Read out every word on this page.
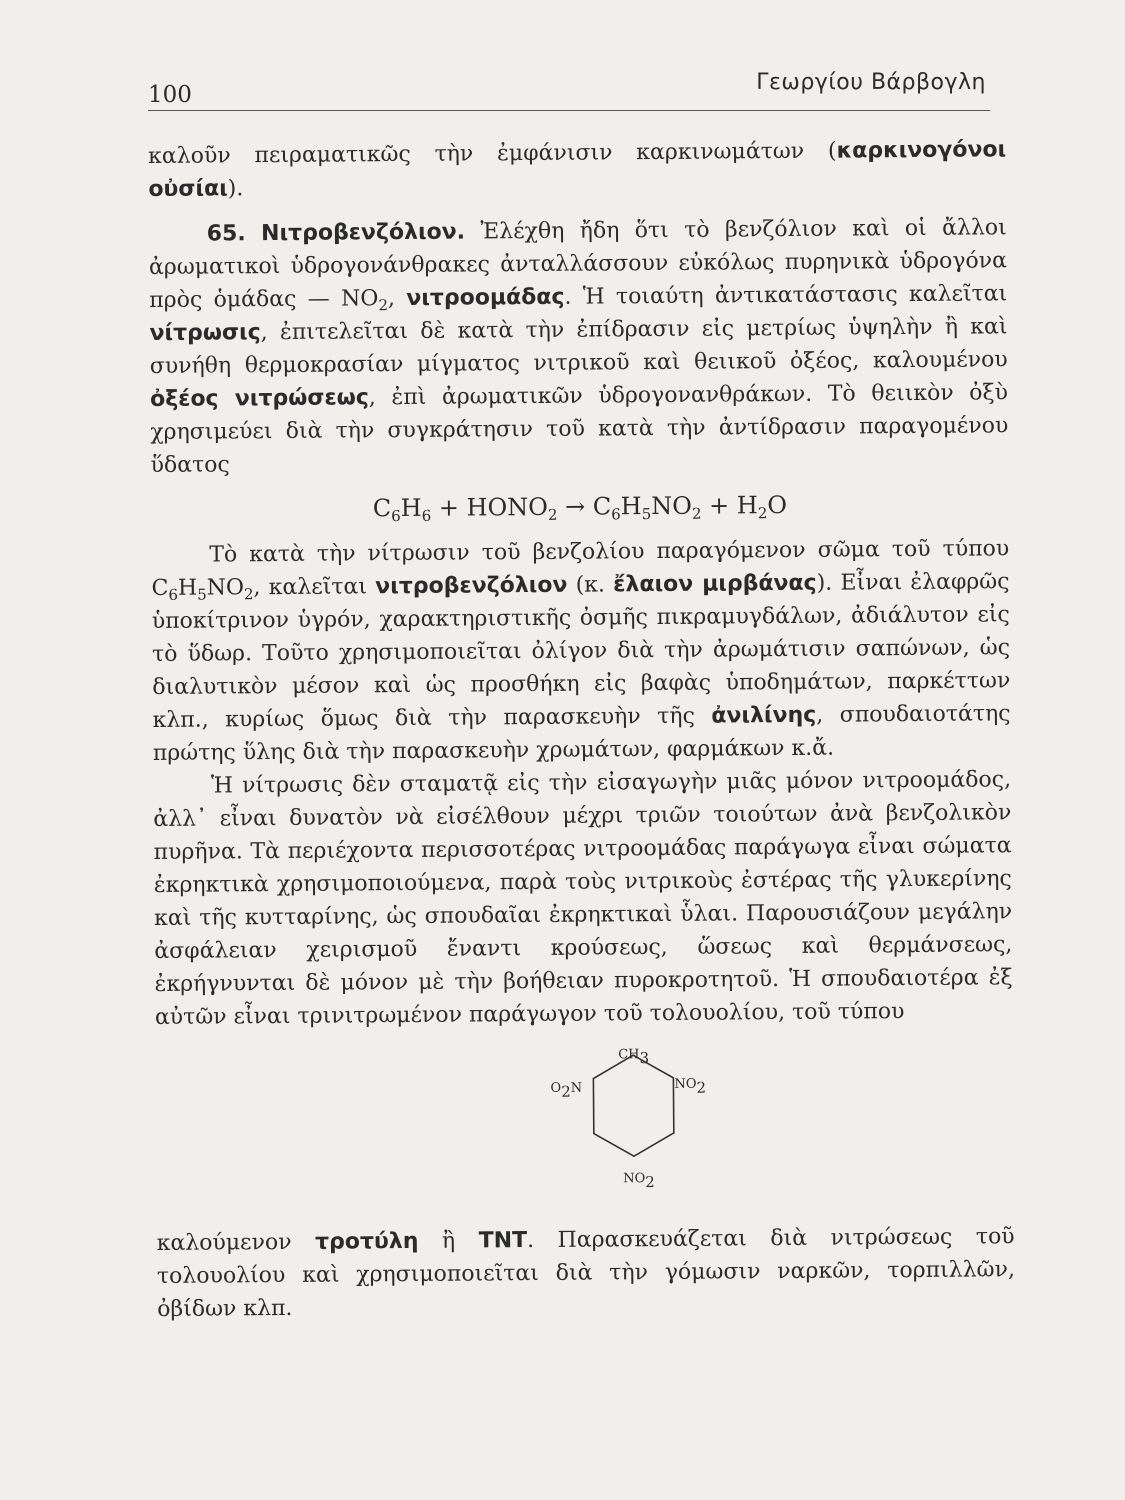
100	Γεωργίου Βάρβογλη

καλοῦν πειραματικῶς τὴν ἐμφάνισιν καρκινωμάτων (καρκινογόνοι οὐσίαι).

65. Νιτροβενζόλιον. Ἐλέχθη ἤδη ὅτι τὸ βενζόλιον καὶ οἱ ἄλλοι ἀρωματικοὶ ὑδρογονάνθρακες ἀνταλλάσσουν εὐκόλως πυρηνικὰ ὑδρογόνα πρὸς ὁμάδας — $NO_2$, νιτροομάδας. Ἡ τοιαύτη ἀντικατάστασις καλεῖται νίτρωσις, ἐπιτελεῖται δὲ κατὰ τὴν ἐπίδρασιν εἰς μετρίως ὑψηλὴν ἢ καὶ συνήθη θερμοκρασίαν μίγματος νιτρικοῦ καὶ θειικοῦ ὀξέος, καλουμένου ὀξέος νιτρώσεως, ἐπὶ ἀρωματικῶν ὑδρογονανθράκων. Τὸ θειικὸν ὀξὺ χρησιμεύει διὰ τὴν συγκράτησιν τοῦ κατὰ τὴν ἀντίδρασιν παραγομένου ὕδατος

$C_6H_6$ + $HONO_2 \to C_6H_5NO_2 + H_2O$

Τὸ κατὰ τὴν νίτρωσιν τοῦ βενζολίου παραγόμενον σῶμα τοῦ τύπου $C_6H_5NO_2$, καλεῖται νιτροβενζόλιον (κ. ἔλαιον μιρβάνας). Εἶναι ἐλαφρῶς ὑποκίτρινον ὑγρόν, χαρακτηριστικῆς ὀσμῆς πικραμυγδάλων, ἀδιάλυτον εἰς τὸ ὕδωρ. Τοῦτο χρησιμοποιεῖται ὀλίγον διὰ τὴν ἀρωμάτισιν σαπώνων, ὡς διαλυτικὸν μέσον καὶ ὡς προσθήκη εἰς βαφὰς ὑποδημάτων, παρκέττων κλπ., κυρίως ὅμως διὰ τὴν παρασκευὴν τῆς ἀνιλίνης, σπουδαιοτάτης πρώτης ὕλης διὰ τὴν παρασκευὴν χρωμάτων, φαρμάκων κ.ἄ.

Ἡ νίτρωσις δὲν σταματᾷ εἰς τὴν εἰσαγωγὴν μιᾶς μόνον νιτροομάδος, ἀλλ᾿ εἶναι δυνατὸν νὰ εἰσέλθουν μέχρι τριῶν τοιούτων ἀνὰ βενζολικὸν πυρῆνα. Τὰ περιέχοντα περισσοτέρας νιτροομάδας παράγωγα εἶναι σώματα ἐκρηκτικὰ χρησιμοποιούμενα, παρὰ τοὺς νιτρικοὺς ἐστέρας τῆς γλυκερίνης καὶ τῆς κυτταρίνης, ὡς σπουδαῖαι ἐκρηκτικαὶ ὗλαι. Παρουσιάζουν μεγάλην ἀσφάλειαν χειρισμοῦ ἔναντι κρούσεως, ὥσεως καὶ θερμάνσεως, ἐκρήγνυνται δὲ μόνον μὲ τὴν βοήθειαν πυροκροτητοῦ. Ἡ σπουδαιοτέρα ἐξ αὐτῶν εἶναι τρινιτρωμένον παράγωγον τοῦ τολουολίου, τοῦ τύπου

$CH_3$
$O_2N$	$NO_2$
$NO_2$

καλούμενον τροτύλη ἢ TNT. Παρασκευάζεται διὰ νιτρώσεως τοῦ τολουολίου καὶ χρησιμοποιεῖται διὰ τὴν γόμωσιν ναρκῶν, τορπιλλῶν, ὀβίδων κλπ.
